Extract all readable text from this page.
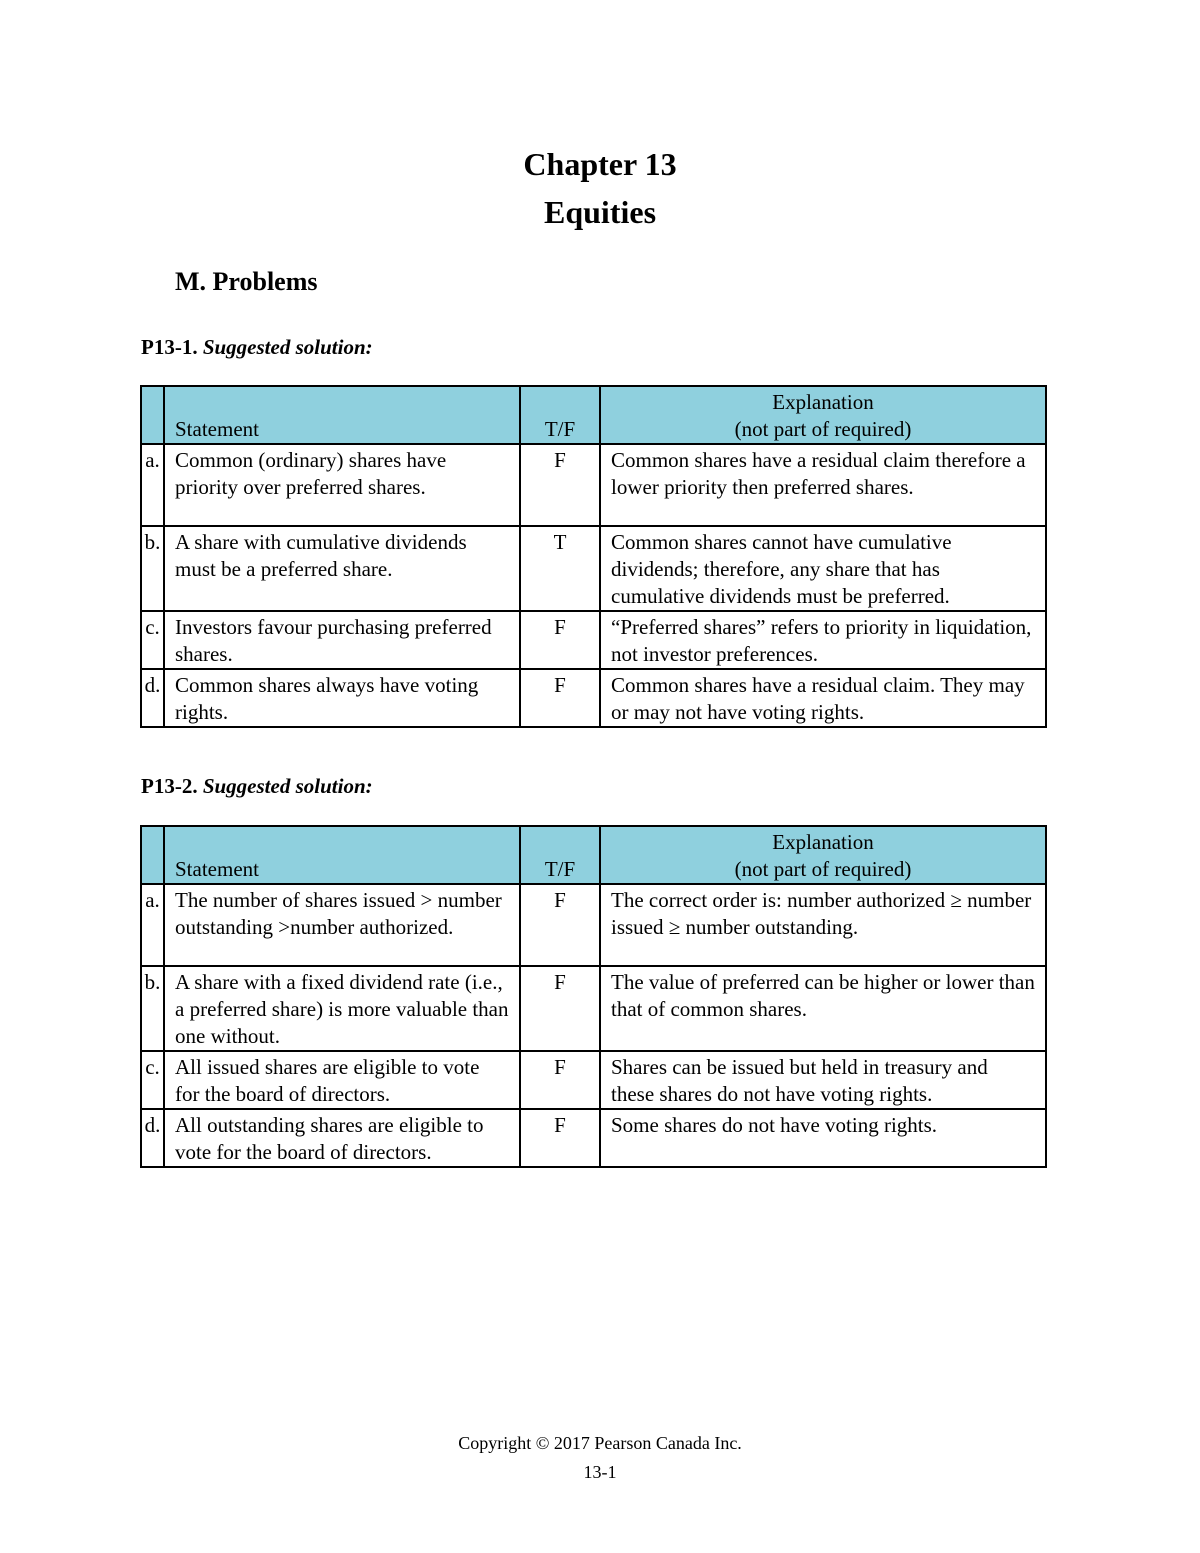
Chapter 13
Equities
M. Problems
P13-1. Suggested solution:
	Statement	T/F	Explanation
(not part of required)

a.	Common (ordinary) shares have priority over preferred shares.	F	Common shares have a residual claim therefore a lower priority then preferred shares.
b.	A share with cumulative dividends must be a preferred share.	T	Common shares cannot have cumulative dividends; therefore, any share that has cumulative dividends must be preferred.
c.	Investors favour purchasing preferred shares.	F	“Preferred shares” refers to priority in liquidation, not investor preferences.
d.	Common shares always have voting rights.	F	Common shares have a residual claim. They may or may not have voting rights.
P13-2. Suggested solution:
	Statement	T/F	Explanation
(not part of required)

a.	The number of shares issued > number outstanding >number authorized.	F	The correct order is: number authorized ≥ number issued ≥ number outstanding.
b.	A share with a fixed dividend rate (i.e., a preferred share) is more valuable than one without.	F	The value of preferred can be higher or lower than that of common shares.
c.	All issued shares are eligible to vote for the board of directors.	F	Shares can be issued but held in treasury and these shares do not have voting rights.
d.	All outstanding shares are eligible to vote for the board of directors.	F	Some shares do not have voting rights.
Copyright © 2017 Pearson Canada Inc.
13-1
